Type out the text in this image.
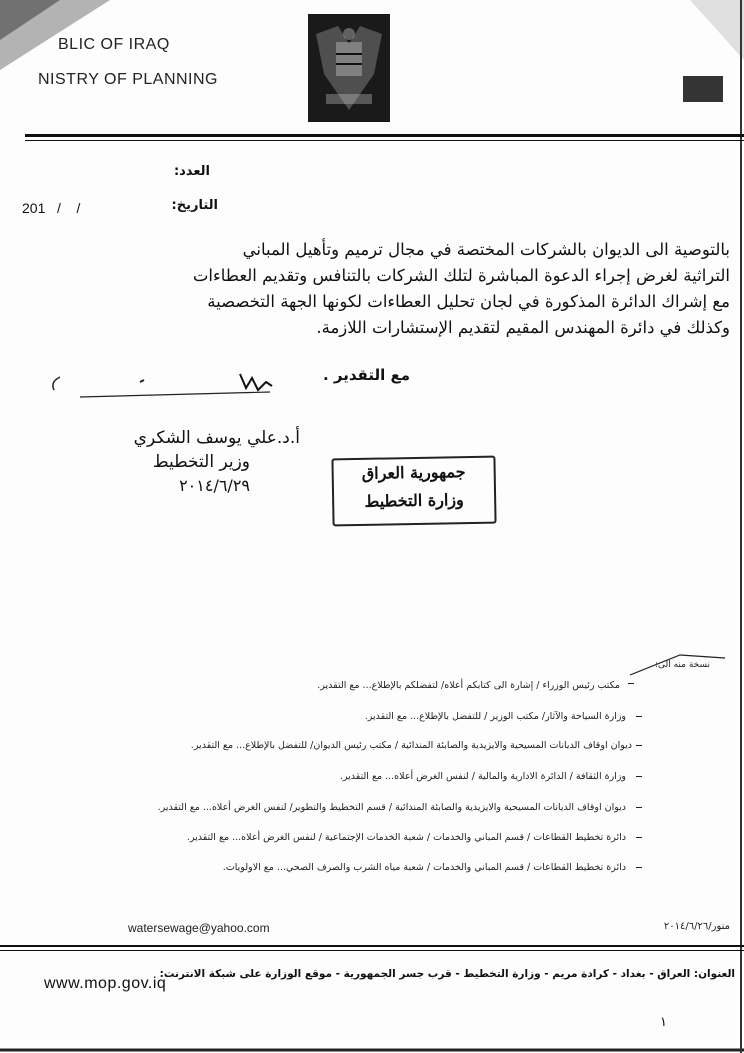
BLIC OF IRAQ
NISTRY OF PLANNING
العدد:
التاريخ:
201   /    /
بالتوصية الى الديوان بالشركات المختصة في مجال ترميم وتأهيل المباني
التراثية لغرض إجراء الدعوة المباشرة لتلك الشركات بالتنافس وتقديم العطاءات
مع إشراك الدائرة المذكورة في لجان تحليل العطاءات لكونها الجهة التخصصية
وكذلك في دائرة المهندس المقيم لتقديم الإستشارات اللازمة.
مع التقدير .
أ.د.علي يوسف الشكري
وزير التخطيط
٢٠١٤/٦/٢٩
جمهورية العراق
وزارة التخطيط
نسخة منه الى:
مكتب رئيس الوزراء / إشارة الى كتابكم أعلاه/ لتفضلكم بالإطلاع... مع التقدير.
وزارة السياحة والآثار/ مكتب الوزير / للتفضل بالإطلاع... مع التقدير.
ديوان اوقاف الديانات المسيحية والايزيدية والصابئة المندائية / مكتب رئيس الديوان/ للتفضل بالإطلاع... مع التقدير.
وزارة الثقافة / الدائرة الادارية والمالية / لنفس الغرض أعلاه... مع التقدير.
ديوان اوقاف الديانات المسيحية والايزيدية والصابئة المندائية / قسم التخطيط والتطوير/ لنفس الغرض أعلاه... مع التقدير.
دائرة تخطيط القطاعات / قسم المباني والخدمات / شعبة الخدمات الإجتماعية / لنفس الغرض أعلاه... مع التقدير.
دائرة تخطيط القطاعات / قسم المباني والخدمات / شعبة مياه الشرب والصرف الصحي... مع الاولويات.
watersewage@yahoo.com	منور/٢٠١٤/٦/٢٦
العنوان: العراق - بغداد - كرادة مريم - وزارة التخطيط - قرب جسر الجمهورية - موقع الوزارة على شبكة الانترنت:
www.mop.gov.iq
١
